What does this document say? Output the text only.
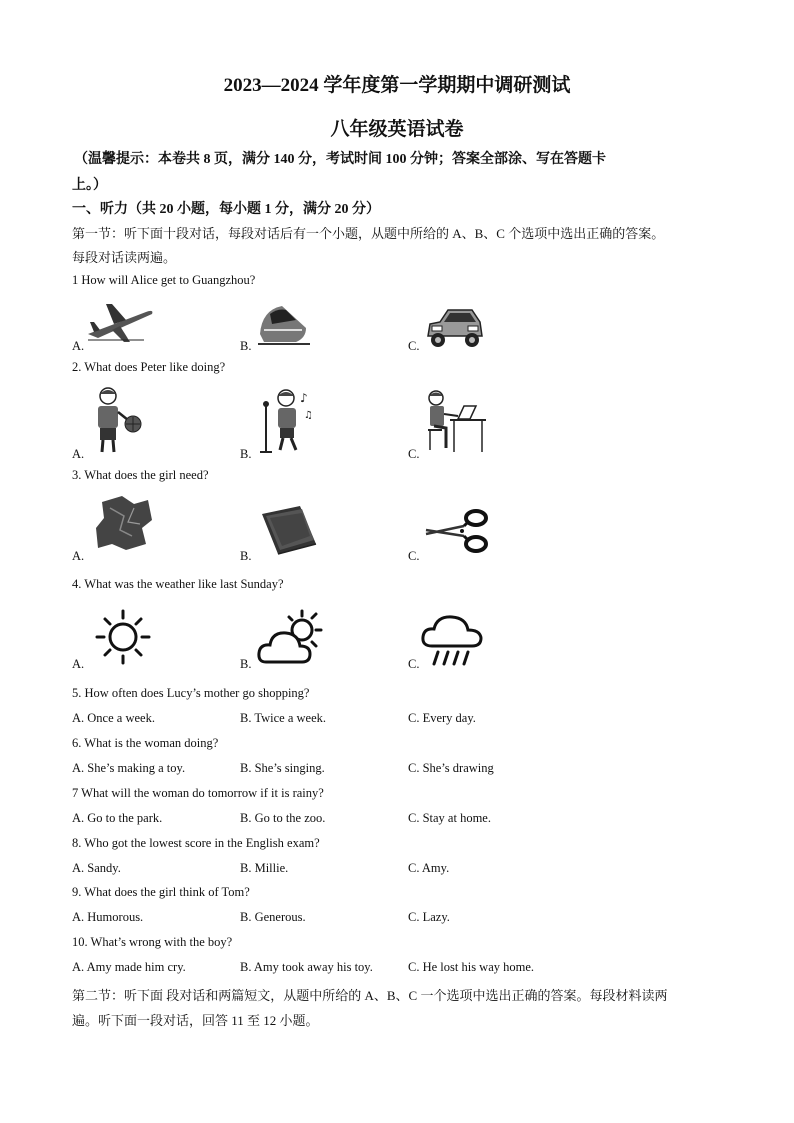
2023—2024 学年度第一学期期中调研测试
八年级英语试卷
（温馨提示：本卷共 8 页，满分 140 分，考试时间 100 分钟；答案全部涂、写在答题卡
上。）
一、听力（共 20 小题，每小题 1 分，满分 20 分）
第一节：听下面十段对话，每段对话后有一个小题，从题中所给的 A、B、C 个选项中选出正确的答案。
每段对话读两遍。
1 How will Alice get to Guangzhou?
A.	B.	C.
2. What does Peter like doing?
A.	B.	C.
♪
♫
3. What does the girl need?
A.	B.	C.
4. What was the weather like last Sunday?
A.	B.	C.
5. How often does Lucy’s mother go shopping?
A. Once a week.	B. Twice a week.	C. Every day.
6. What is the woman doing?
A. She’s making a toy.	B. She’s singing.	C. She’s drawing
7 What will the woman do tomorrow if it is rainy?
A. Go to the park.	B. Go to the zoo.	C. Stay at home.
8. Who got the lowest score in the English exam?
A. Sandy.	B. Millie.	C. Amy.
9. What does the girl think of Tom?
A. Humorous.	B. Generous.	C. Lazy.
10. What’s wrong with the boy?
A. Amy made him cry.	B. Amy took away his toy.	C. He lost his way home.
第二节：听下面 段对话和两篇短文，从题中所给的 A、B、C 一个选项中选出正确的答案。每段材料读两
遍。听下面一段对话，回答 11 至 12 小题。
